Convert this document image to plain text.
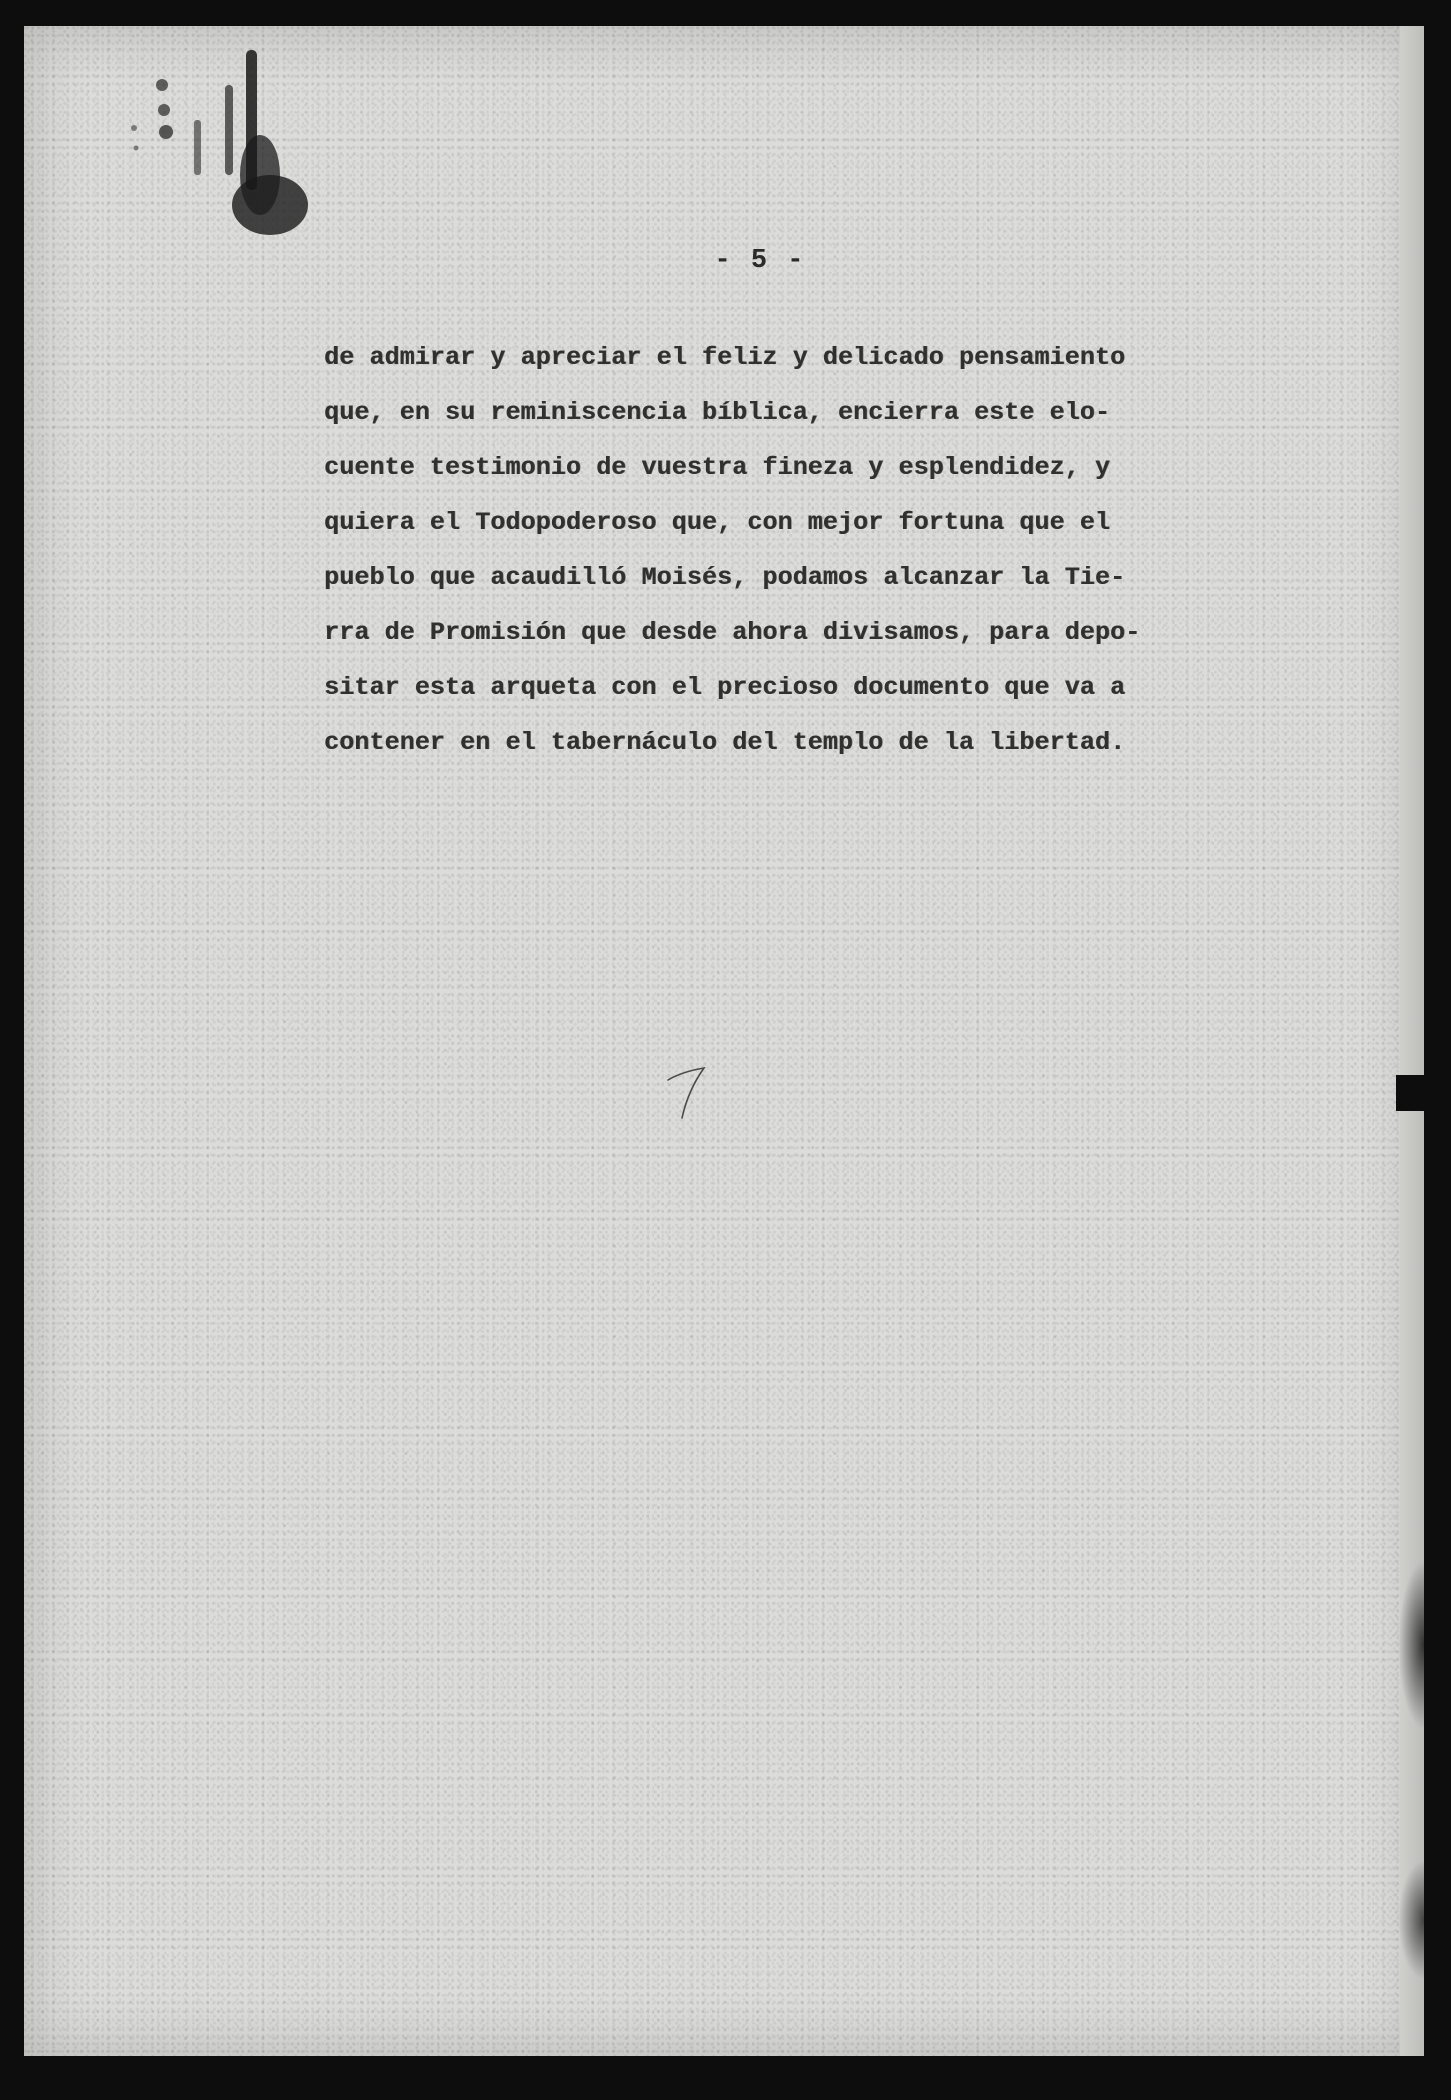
- 5 -
de admirar y apreciar el feliz y delicado pensamiento
que, en su reminiscencia bíblica, encierra este elo-
cuente testimonio de vuestra fineza y esplendidez, y
quiera el Todopoderoso que, con mejor fortuna que el
pueblo que acaudilló Moisés, podamos alcanzar la Tie-
rra de Promisión que desde ahora divisamos, para depo-
sitar esta arqueta con el precioso documento que va a
contener en el tabernáculo del templo de la libertad.
